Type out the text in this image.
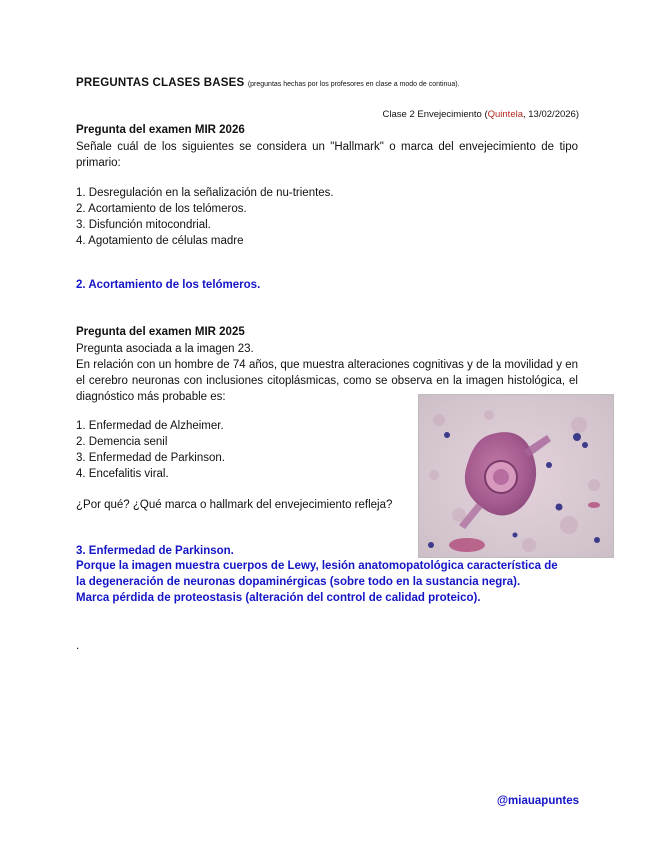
PREGUNTAS CLASES BASES (preguntas hechas por los profesores en clase a modo de continua).
Clase 2 Envejecimiento (Quintela, 13/02/2026)
Pregunta del examen MIR 2026
Señale cuál de los siguientes se considera un "Hallmark" o marca del envejecimiento de tipo primario:
1. Desregulación en la señalización de nu-trientes.
2. Acortamiento de los telómeros.
3. Disfunción mitocondrial.
4. Agotamiento de células madre
2. Acortamiento de los telómeros.
Pregunta del examen MIR 2025
Pregunta asociada a la imagen 23.
En relación con un hombre de 74 años, que muestra alteraciones cognitivas y de la movilidad y en el cerebro neuronas con inclusiones citoplásmicas, como se observa en la imagen histológica, el diagnóstico más probable es:
1. Enfermedad de Alzheimer.
2. Demencia senil
3. Enfermedad de Parkinson.
4. Encefalitis viral.
¿Por qué? ¿Qué marca o hallmark del envejecimiento refleja?
3. Enfermedad de Parkinson.
Porque la imagen muestra cuerpos de Lewy, lesión anatomopatológica característica de
la degeneración de neuronas dopaminérgicas (sobre todo en la sustancia negra).
Marca pérdida de proteostasis (alteración del control de calidad proteico).
.
@miauapuntes
